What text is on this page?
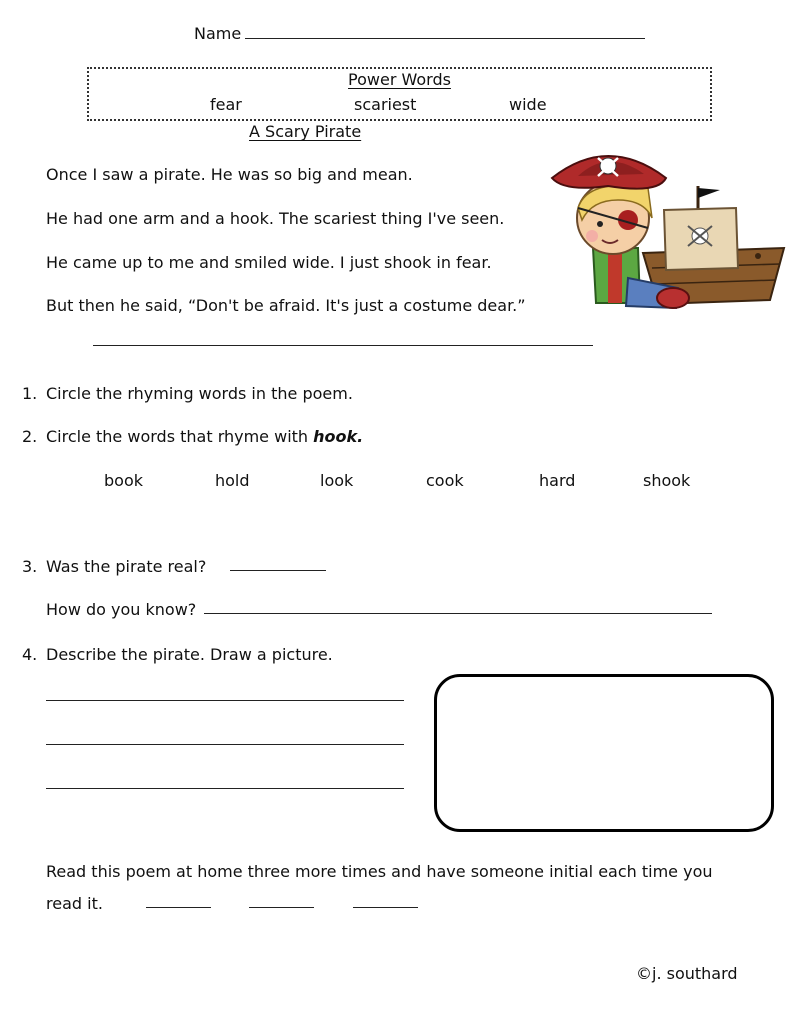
Name
Power Words
fear	scariest	wide
A Scary Pirate
Once I saw a pirate. He was so big and mean.
He had one arm and a hook. The scariest thing I've seen.
He came up to me and smiled wide. I just shook in fear.
But then he said, “Don't be afraid. It's just a costume dear.”
1. Circle the rhyming words in the poem.
2. Circle the words that rhyme with hook.
book	hold	look	cook	hard	shook
3. Was the pirate real?
How do you know?
4. Describe the pirate. Draw a picture.
Read this poem at home three more times and have someone initial each time you
read it.
©j. southard
